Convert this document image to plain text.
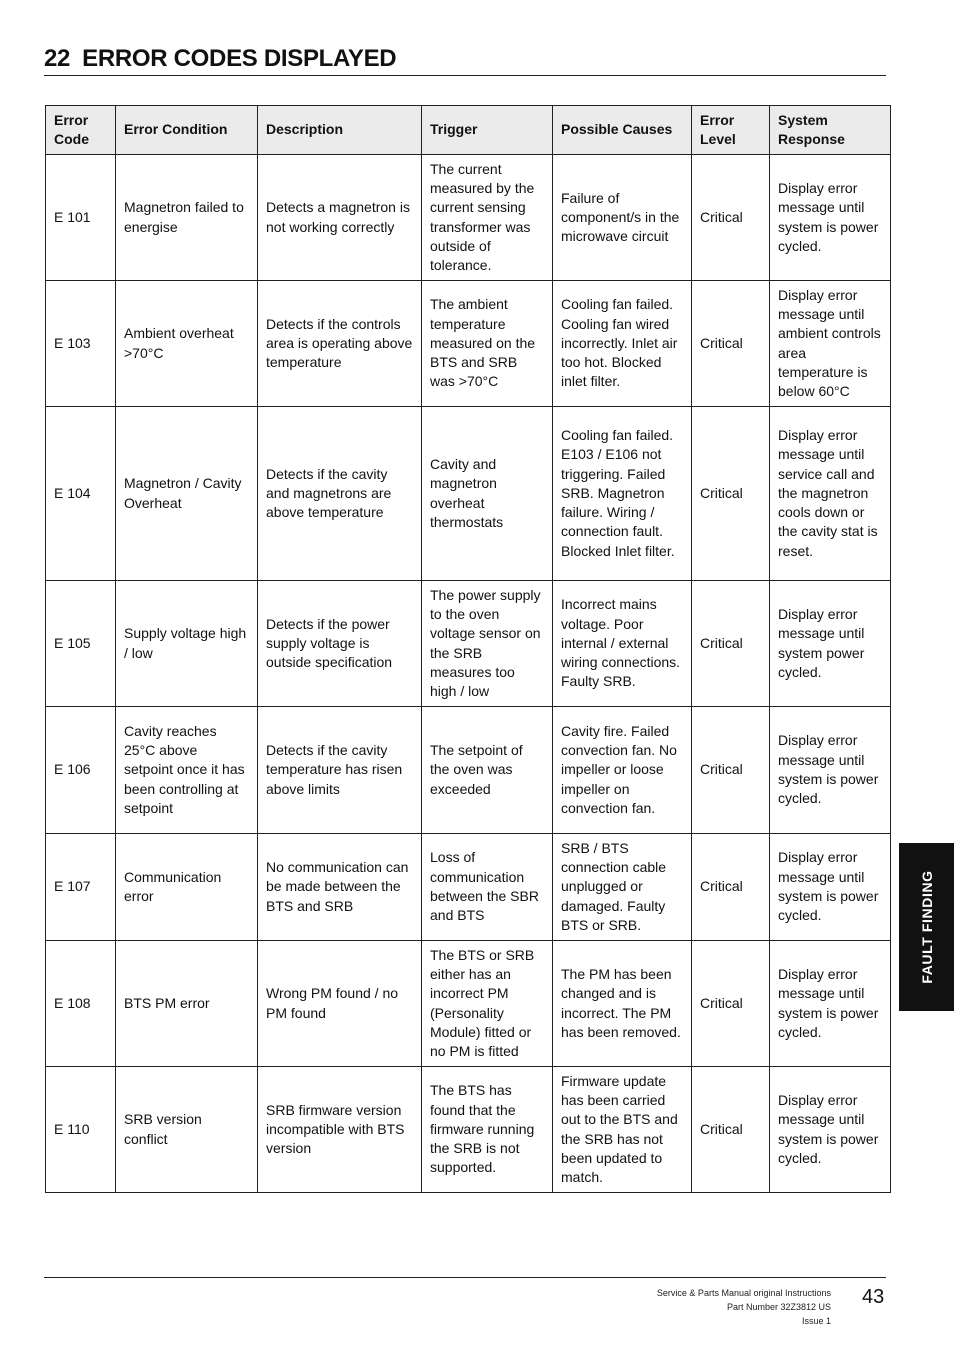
22 ERROR CODES DISPLAYED
Error Code	Error Condition	Description	Trigger	Possible Causes	Error Level	System Response
E 101	Magnetron failed to energise	Detects a magnetron is not working correctly	The current measured by the current sensing transformer was outside of tolerance.	Failure of component/s in the microwave circuit	Critical	Display error message until system is power cycled.
E 103	Ambient overheat >70°C	Detects if the controls area is operating above temperature	The ambient temperature measured on the BTS and SRB was >70°C	Cooling fan failed. Cooling fan wired incorrectly. Inlet air too hot. Blocked inlet filter.	Critical	Display error message until ambient controls area temperature is below 60°C
E 104	Magnetron / Cavity Overheat	Detects if the cavity and magnetrons are above temperature	Cavity and magnetron overheat thermostats	Cooling fan failed. E103 / E106 not triggering. Failed SRB. Magnetron failure. Wiring / connection fault. Blocked Inlet filter.	Critical	Display error message until service call and the magnetron cools down or the cavity stat is reset.
E 105	Supply voltage high / low	Detects if the power supply voltage is outside specification	The power supply to the oven voltage sensor on the SRB measures too high / low	Incorrect mains voltage. Poor internal / external wiring connections. Faulty SRB.	Critical	Display error message until system power cycled.
E 106	Cavity reaches 25°C above setpoint once it has been controlling at setpoint	Detects if the cavity temperature has risen above limits	The setpoint of the oven was exceeded	Cavity fire. Failed convection fan. No impeller or loose impeller on convection fan.	Critical	Display error message until system is power cycled.
E 107	Communication error	No communication can be made between the BTS and SRB	Loss of communication between the SBR and BTS	SRB / BTS connection cable unplugged or damaged. Faulty BTS or SRB.	Critical	Display error message until system is power cycled.
E 108	BTS PM error	Wrong PM found / no PM found	The BTS or SRB either has an incorrect PM (Personality Module) fitted or no PM is fitted	The PM has been changed and is incorrect. The PM has been removed.	Critical	Display error message until system is power cycled.
E 110	SRB version conflict	SRB firmware version incompatible with BTS version	The BTS has found that the firmware running the SRB is not supported.	Firmware update has been carried out to the BTS and the SRB has not been updated to match.	Critical	Display error message until system is power cycled.
FAULT FINDING
Service & Parts Manual original Instructions
Part Number 32Z3812 US
Issue 1
43
